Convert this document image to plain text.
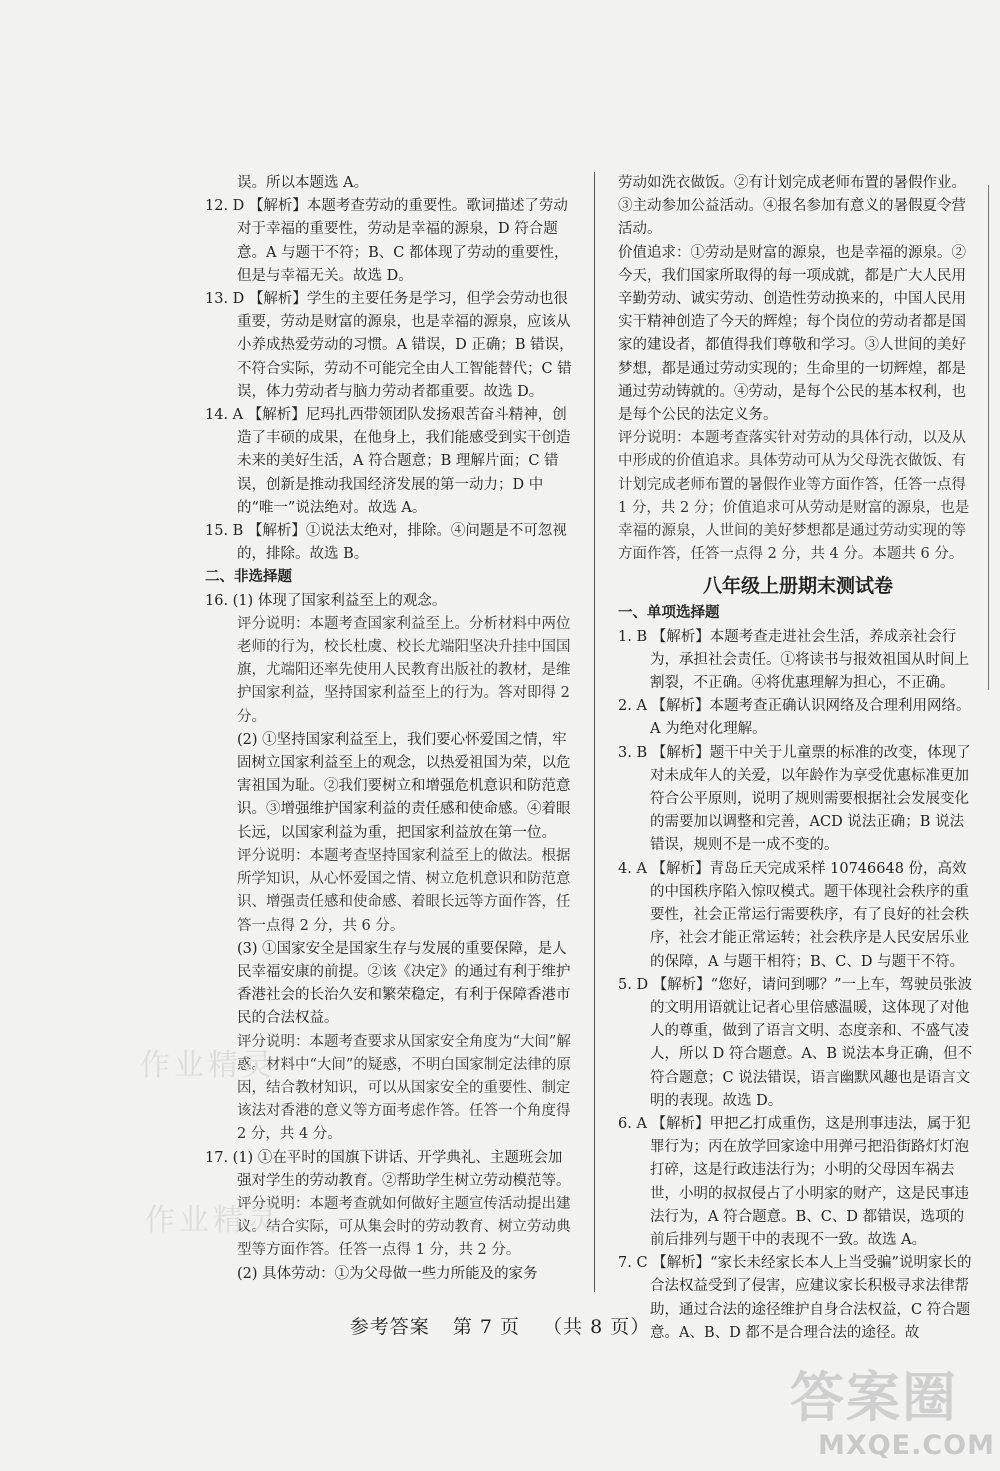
误。所以本题选 A。

12. D 【解析】本题考查劳动的重要性。歌词描述了劳动对于幸福的重要性，劳动是幸福的源泉，D 符合题意。A 与题干不符；B、C 都体现了劳动的重要性，但是与幸福无关。故选 D。

13. D 【解析】学生的主要任务是学习，但学会劳动也很重要，劳动是财富的源泉，也是幸福的源泉，应该从小养成热爱劳动的习惯。A 错误，D 正确；B 错误，不符合实际，劳动不可能完全由人工智能替代；C 错误，体力劳动者与脑力劳动者都重要。故选 D。

14. A 【解析】尼玛扎西带领团队发扬艰苦奋斗精神，创造了丰硕的成果，在他身上，我们能感受到实干创造未来的美好生活，A 符合题意；B 理解片面；C 错误，创新是推动我国经济发展的第一动力；D 中的“唯一”说法绝对。故选 A。

15. B 【解析】①说法太绝对，排除。④问题是不可忽视的，排除。故选 B。

二、非选择题

16. (1) 体现了国家利益至上的观念。

评分说明：本题考查国家利益至上。分析材料中两位老师的行为，校长杜虞、校长尤端阳坚决升挂中国国旗，尤端阳还率先使用人民教育出版社的教材，是维护国家利益，坚持国家利益至上的行为。答对即得 2 分。

(2) ①坚持国家利益至上，我们要心怀爱国之情，牢固树立国家利益至上的观念，以热爱祖国为荣，以危害祖国为耻。②我们要树立和增强危机意识和防范意识。③增强维护国家利益的责任感和使命感。④着眼长远，以国家利益为重，把国家利益放在第一位。

评分说明：本题考查坚持国家利益至上的做法。根据所学知识，从心怀爱国之情、树立危机意识和防范意识、增强责任感和使命感、着眼长远等方面作答，任答一点得 2 分，共 6 分。

(3) ①国家安全是国家生存与发展的重要保障，是人民幸福安康的前提。②该《决定》的通过有利于维护香港社会的长治久安和繁荣稳定，有利于保障香港市民的合法权益。

评分说明：本题考查要求从国家安全角度为“大间”解惑。材料中“大间”的疑惑，不明白国家制定法律的原因，结合教材知识，可以从国家安全的重要性、制定该法对香港的意义等方面考虑作答。任答一个角度得 2 分，共 4 分。

17. (1) ①在平时的国旗下讲话、开学典礼、主题班会加强对学生的劳动教育。②帮助学生树立劳动模范等。

评分说明：本题考查就如何做好主题宣传活动提出建议。结合实际，可从集会时的劳动教育、树立劳动典型等方面作答。任答一点得 1 分，共 2 分。

(2) 具体劳动：①为父母做一些力所能及的家务

劳动如洗衣做饭。②有计划完成老师布置的暑假作业。③主动参加公益活动。④报名参加有意义的暑假夏令营活动。

价值追求：①劳动是财富的源泉，也是幸福的源泉。②今天，我们国家所取得的每一项成就，都是广大人民用辛勤劳动、诚实劳动、创造性劳动换来的，中国人民用实干精神创造了今天的辉煌；每个岗位的劳动者都是国家的建设者，都值得我们尊敬和学习。③人世间的美好梦想，都是通过劳动实现的；生命里的一切辉煌，都是通过劳动铸就的。④劳动，是每个公民的基本权利，也是每个公民的法定义务。

评分说明：本题考查落实针对劳动的具体行动，以及从中形成的价值追求。具体劳动可从为父母洗衣做饭、有计划完成老师布置的暑假作业等方面作答，任答一点得 1 分，共 2 分；价值追求可从劳动是财富的源泉，也是幸福的源泉，人世间的美好梦想都是通过劳动实现的等方面作答，任答一点得 2 分，共 4 分。本题共 6 分。

八年级上册期末测试卷

一、单项选择题

1. B 【解析】本题考查走进社会生活，养成亲社会行为，承担社会责任。①将读书与报效祖国从时间上割裂，不正确。④将优惠理解为担心，不正确。

2. A 【解析】本题考查正确认识网络及合理利用网络。A 为绝对化理解。

3. B 【解析】题干中关于儿童票的标准的改变，体现了对未成年人的关爱，以年龄作为享受优惠标准更加符合公平原则，说明了规则需要根据社会发展变化的需要加以调整和完善，ACD 说法正确；B 说法错误，规则不是一成不变的。

4. A 【解析】青岛丘天完成采样 10746648 份，高效的中国秩序陷入惊叹模式。题干体现社会秩序的重要性，社会正常运行需要秩序，有了良好的社会秩序，社会才能正常运转；社会秩序是人民安居乐业的保障，A 与题干相符；B、C、D 与题干不符。

5. D 【解析】“您好，请问到哪？”一上车，驾驶员张波的文明用语就让记者心里倍感温暖，这体现了对他人的尊重，做到了语言文明、态度亲和、不盛气凌人，所以 D 符合题意。A、B 说法本身正确，但不符合题意；C 说法错误，语言幽默风趣也是语言文明的表现。故选 D。

6. A 【解析】甲把乙打成重伤，这是刑事违法，属于犯罪行为；丙在放学回家途中用弹弓把沿街路灯灯泡打碎，这是行政违法行为；小明的父母因车祸去世，小明的叔叔侵占了小明家的财产，这是民事违法行为，A 符合题意。B、C、D 都错误，选项的前后排列与题干中的表现不一致。故选 A。

7. C 【解析】“家长未经家长本人上当受骗”说明家长的合法权益受到了侵害，应建议家长积极寻求法律帮助，通过合法的途径维护自身合法权益，C 符合题意。A、B、D 都不是合理合法的途径。故

参考答案 第 7 页 （共 8 页）
作业精灵
作业精灵
答案圈
MXQE.COM
